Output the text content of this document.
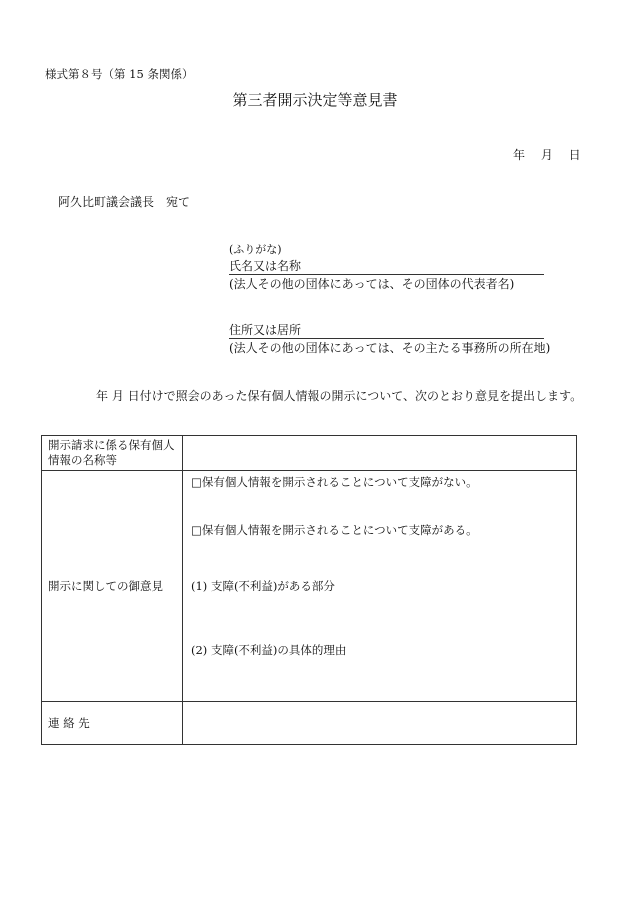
様式第８号（第 15 条関係）
第三者開示決定等意見書
年 月 日
阿久比町議会議長　宛て
(ふりがな)
氏名又は名称
(法人その他の団体にあっては、その団体の代表者名)
住所又は居所
(法人その他の団体にあっては、その主たる事務所の所在地)
年 月 日付けで照会のあった保有個人情報の開示について、次のとおり意見を提出します。
開示請求に係る保有個人情報の名称等	
開示に関しての御意見	□保有個人情報を開示されることについて支障がない。
□保有個人情報を開示されることについて支障がある。
(1) 支障(不利益)がある部分
(2) 支障(不利益)の具体的理由

連 絡 先	
